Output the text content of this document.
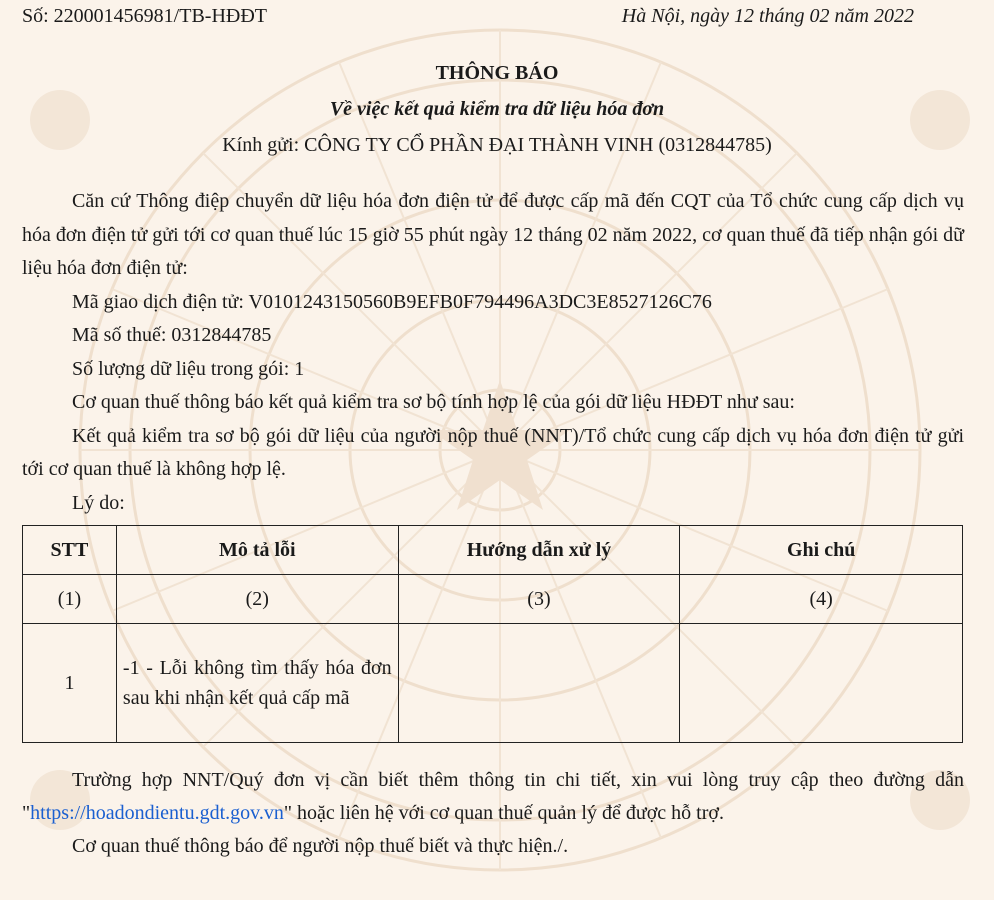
Số: 220001456981/TB-HĐĐT	Hà Nội, ngày 12 tháng 02 năm 2022
THÔNG BÁO
Về việc kết quả kiểm tra dữ liệu hóa đơn
Kính gửi: CÔNG TY CỔ PHẦN ĐẠI THÀNH VINH (0312844785)

Căn cứ Thông điệp chuyển dữ liệu hóa đơn điện tử để được cấp mã đến CQT của Tổ chức cung cấp dịch vụ hóa đơn điện tử gửi tới cơ quan thuế lúc 15 giờ 55 phút ngày 12 tháng 02 năm 2022, cơ quan thuế đã tiếp nhận gói dữ liệu hóa đơn điện tử:

Mã giao dịch điện tử: V0101243150560B9EFB0F794496A3DC3E8527126C76

Mã số thuế: 0312844785

Số lượng dữ liệu trong gói: 1

Cơ quan thuế thông báo kết quả kiểm tra sơ bộ tính hợp lệ của gói dữ liệu HĐĐT như sau:

Kết quả kiểm tra sơ bộ gói dữ liệu của người nộp thuế (NNT)/Tổ chức cung cấp dịch vụ hóa đơn điện tử gửi tới cơ quan thuế là không hợp lệ.

Lý do:

STT	Mô tả lỗi	Hướng dẫn xử lý	Ghi chú
(1)	(2)	(3)	(4)
1	-1 - Lỗi không tìm thấy hóa đơn sau khi nhận kết quả cấp mã		

Trường hợp NNT/Quý đơn vị cần biết thêm thông tin chi tiết, xin vui lòng truy cập theo đường dẫn "https://hoadondientu.gdt.gov.vn" hoặc liên hệ với cơ quan thuế quản lý để được hỗ trợ.

Cơ quan thuế thông báo để người nộp thuế biết và thực hiện./.
